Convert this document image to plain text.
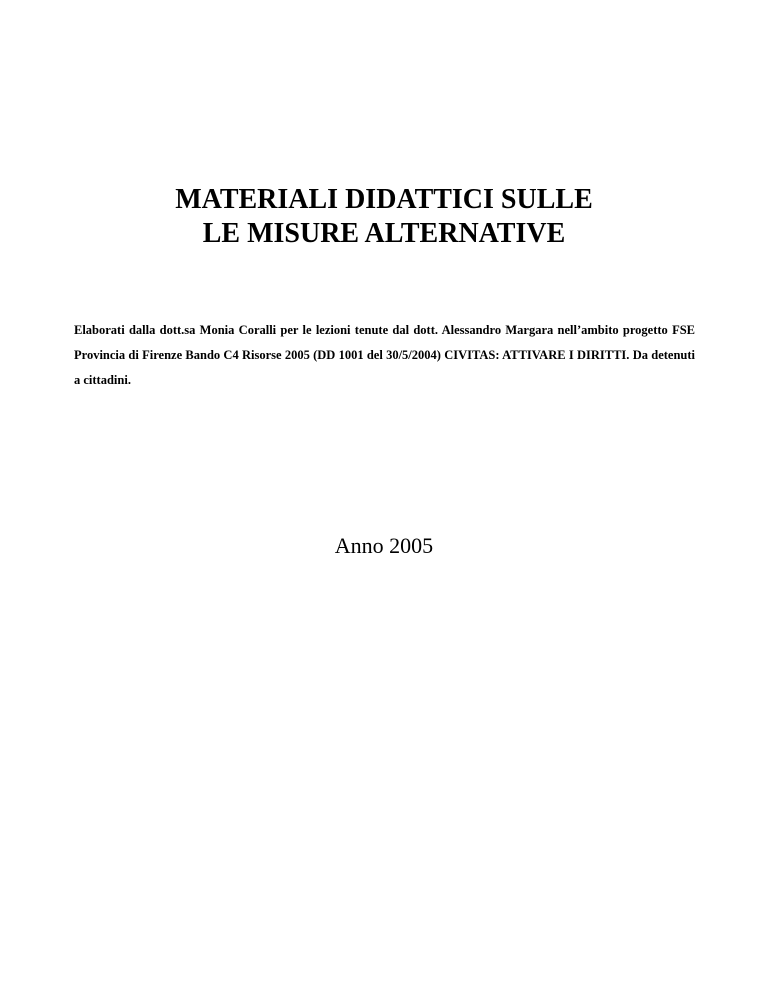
MATERIALI DIDATTICI SULLE
LE MISURE ALTERNATIVE

Elaborati dalla dott.sa Monia Coralli per le lezioni tenute dal dott. Alessandro Margara nell’ambito progetto FSE Provincia di Firenze Bando C4 Risorse 2005 (DD 1001 del 30/5/2004) CIVITAS: ATTIVARE I DIRITTI. Da detenuti a cittadini.

Anno 2005
